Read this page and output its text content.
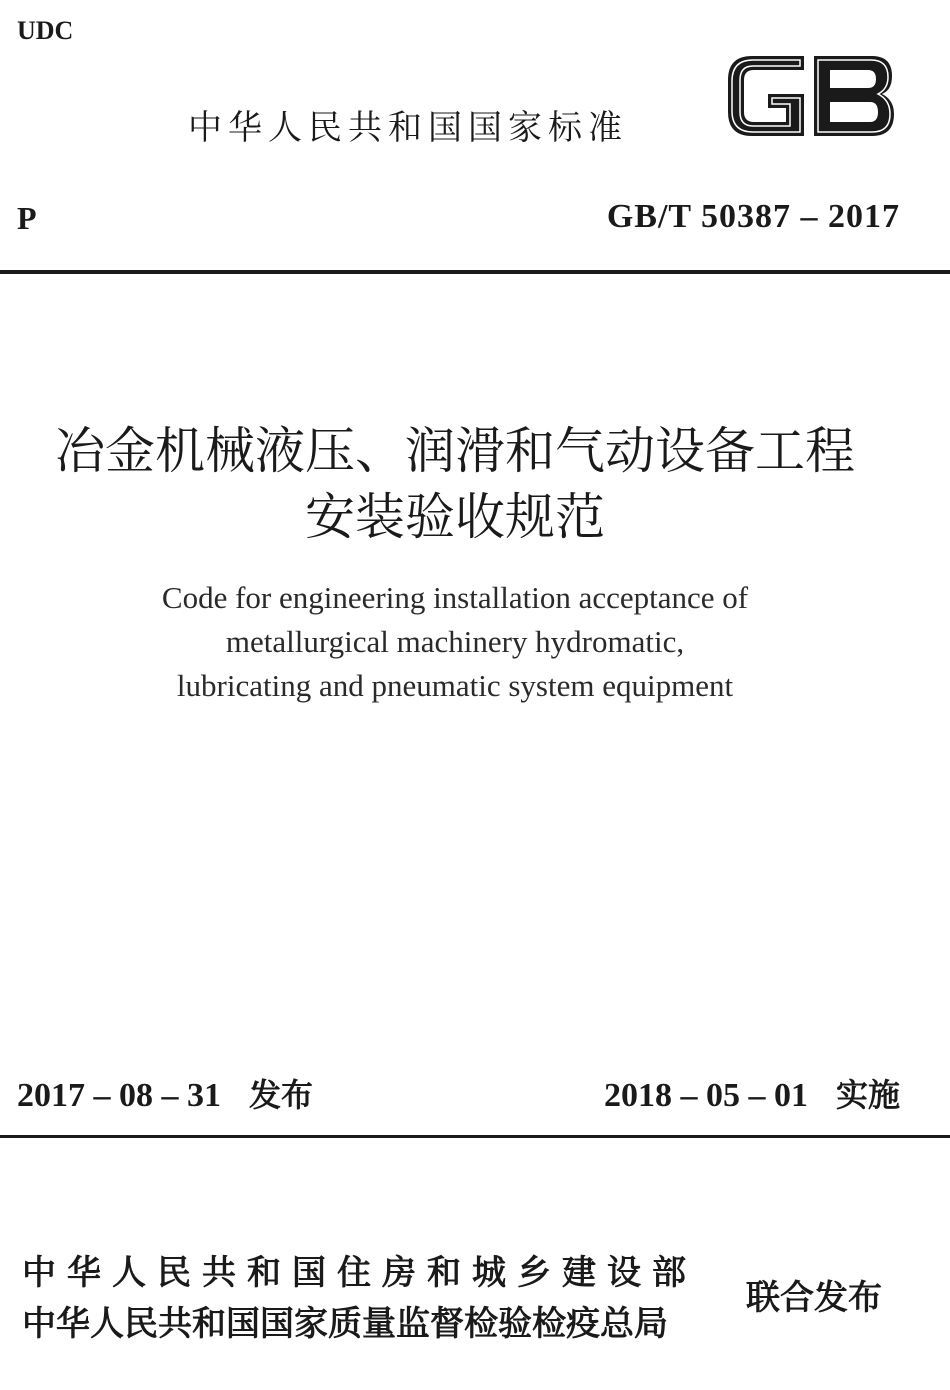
UDC
中华人民共和国国家标准
P	GB/T 50387 – 2017
冶金机械液压、润滑和气动设备工程
安装验收规范
Code for engineering installation acceptance of
metallurgical machinery hydromatic,
lubricating and pneumatic system equipment
2017 – 08 – 31 发布	2018 – 05 – 01 实施
中华人民共和国住房和城乡建设部
中华人民共和国国家质量监督检验检疫总局
联合发布
